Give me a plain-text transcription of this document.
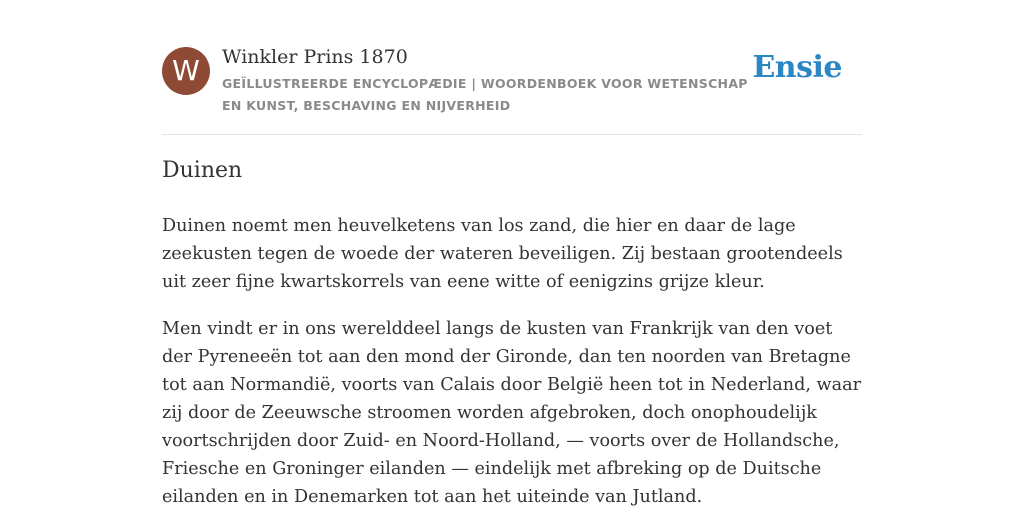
W	Winkler Prins 1870
GEÏLLUSTREERDE ENCYCLOPÆDIE | WOORDENBOEK VOOR WETENSCHAP EN KUNST, BESCHAVING EN NIJVERHEID
Ensie
Duinen

Duinen noemt men heuvelketens van los zand, die hier en daar de lage zeekusten tegen de woede der wateren beveiligen. Zij bestaan grootendeels uit zeer fijne kwartskorrels van eene witte of eenigzins grijze kleur.

Men vindt er in ons werelddeel langs de kusten van Frankrijk van den voet der Pyreneeën tot aan den mond der Gironde, dan ten noorden van Bretagne tot aan Normandië, voorts van Calais door België heen tot in Nederland, waar zij door de Zeeuwsche stroomen worden afgebroken, doch onophoudelijk voortschrijden door Zuid- en Noord-Holland, — voorts over de Hollandsche, Friesche en Groninger eilanden — eindelijk met afbreking op de Duitsche eilanden en in Denemarken tot aan het uiteinde van Jutland.
